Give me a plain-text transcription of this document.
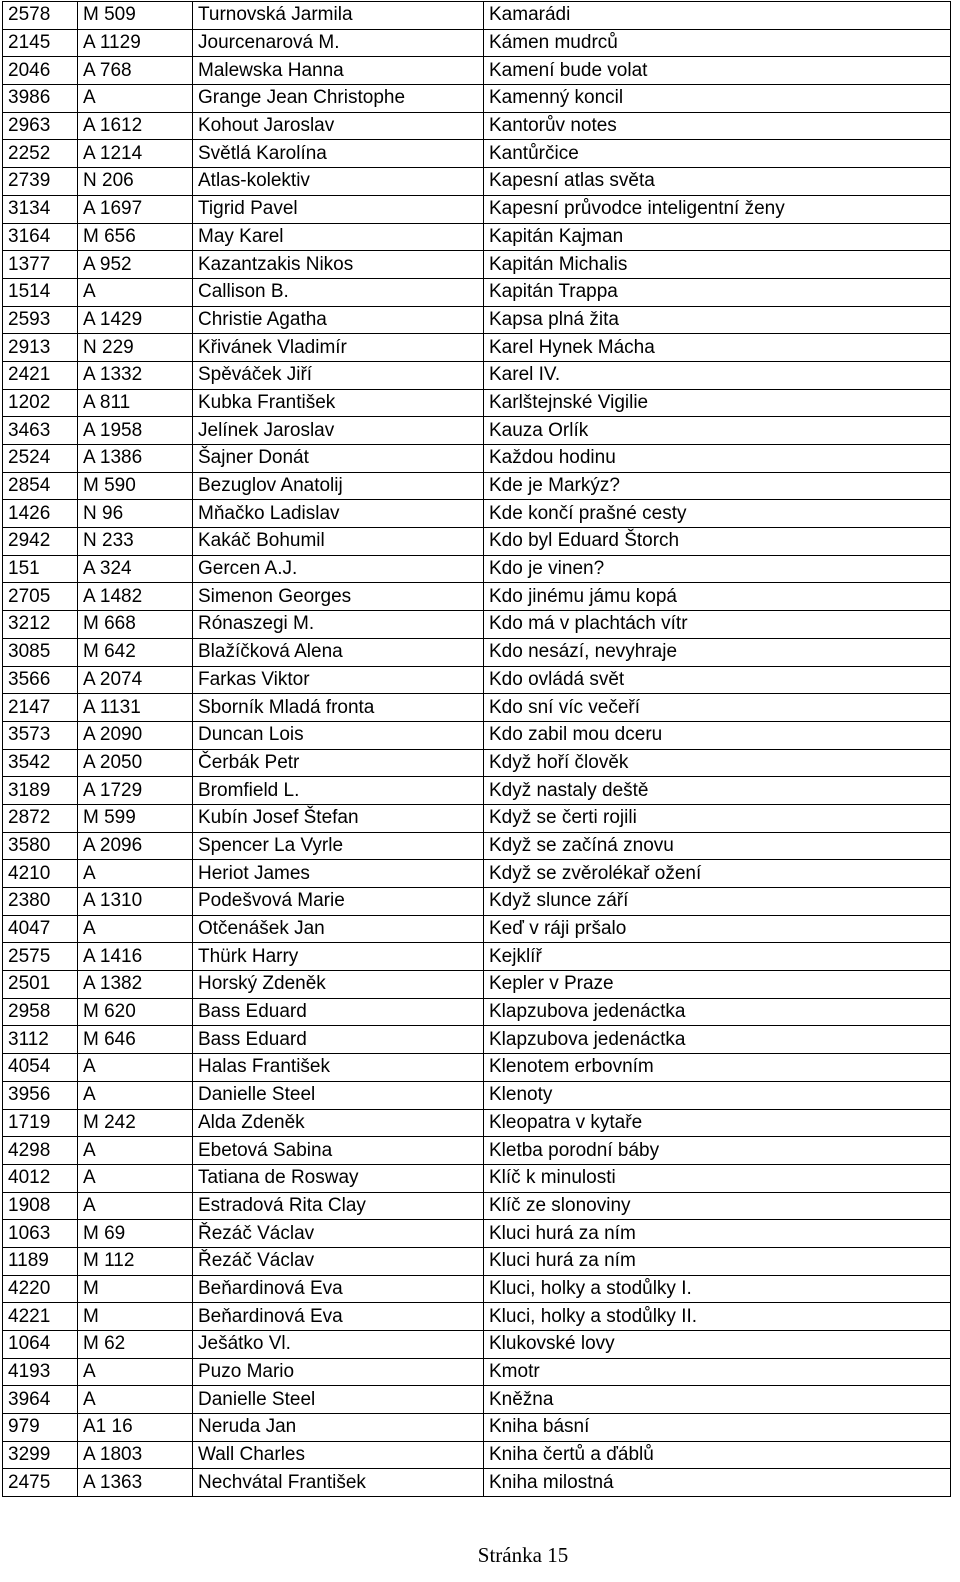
2578	M 509	Turnovská Jarmila	Kamarádi
2145	A 1129	Jourcenarová M.	Kámen mudrců
2046	A 768	Malewska Hanna	Kamení bude volat
3986	A	Grange Jean Christophe	Kamenný koncil
2963	A 1612	Kohout Jaroslav	Kantorův notes
2252	A 1214	Světlá Karolína	Kantůrčice
2739	N 206	Atlas-kolektiv	Kapesní atlas světa
3134	A 1697	Tigrid Pavel	Kapesní průvodce inteligentní ženy
3164	M 656	May Karel	Kapitán Kajman
1377	A 952	Kazantzakis Nikos	Kapitán Michalis
1514	A	Callison B.	Kapitán Trappa
2593	A 1429	Christie Agatha	Kapsa plná žita
2913	N 229	Křivánek Vladimír	Karel Hynek Mácha
2421	A 1332	Spěváček Jiří	Karel IV.
1202	A 811	Kubka František	Karlštejnské Vigilie
3463	A 1958	Jelínek Jaroslav	Kauza Orlík
2524	A 1386	Šajner Donát	Každou hodinu
2854	M 590	Bezuglov Anatolij	Kde je Markýz?
1426	N 96	Mňačko Ladislav	Kde končí prašné cesty
2942	N 233	Kakáč Bohumil	Kdo byl Eduard Štorch
151	A 324	Gercen A.J.	Kdo je vinen?
2705	A 1482	Simenon Georges	Kdo jinému jámu kopá
3212	M 668	Rónaszegi M.	Kdo má v plachtách vítr
3085	M 642	Blažíčková Alena	Kdo nesází, nevyhraje
3566	A 2074	Farkas Viktor	Kdo ovládá svět
2147	A 1131	Sborník Mladá fronta	Kdo sní víc večeří
3573	A 2090	Duncan Lois	Kdo zabil mou dceru
3542	A 2050	Čerbák Petr	Když hoří člověk
3189	A 1729	Bromfield L.	Když nastaly deště
2872	M 599	Kubín Josef Štefan	Když se čerti rojili
3580	A 2096	Spencer La Vyrle	Když se začíná znovu
4210	A	Heriot James	Když se zvěrolékař ožení
2380	A 1310	Podešvová Marie	Když slunce září
4047	A	Otčenášek Jan	Keď v ráji pršalo
2575	A 1416	Thürk Harry	Kejklíř
2501	A 1382	Horský Zdeněk	Kepler v Praze
2958	M 620	Bass Eduard	Klapzubova jedenáctka
3112	M 646	Bass Eduard	Klapzubova jedenáctka
4054	A	Halas František	Klenotem erbovním
3956	A	Danielle Steel	Klenoty
1719	M 242	Alda Zdeněk	Kleopatra v kytaře
4298	A	Ebetová Sabina	Kletba porodní báby
4012	A	Tatiana de Rosway	Klíč k minulosti
1908	A	Estradová Rita Clay	Klíč ze slonoviny
1063	M 69	Řezáč Václav	Kluci hurá za ním
1189	M 112	Řezáč Václav	Kluci hurá za ním
4220	M	Beňardinová Eva	Kluci, holky a stodůlky I.
4221	M	Beňardinová Eva	Kluci, holky a stodůlky II.
1064	M 62	Ješátko Vl.	Klukovské lovy
4193	A	Puzo Mario	Kmotr
3964	A	Danielle Steel	Kněžna
979	A1 16	Neruda Jan	Kniha básní
3299	A 1803	Wall Charles	Kniha čertů a ďáblů
2475	A 1363	Nechvátal František	Kniha milostná
Stránka 15
